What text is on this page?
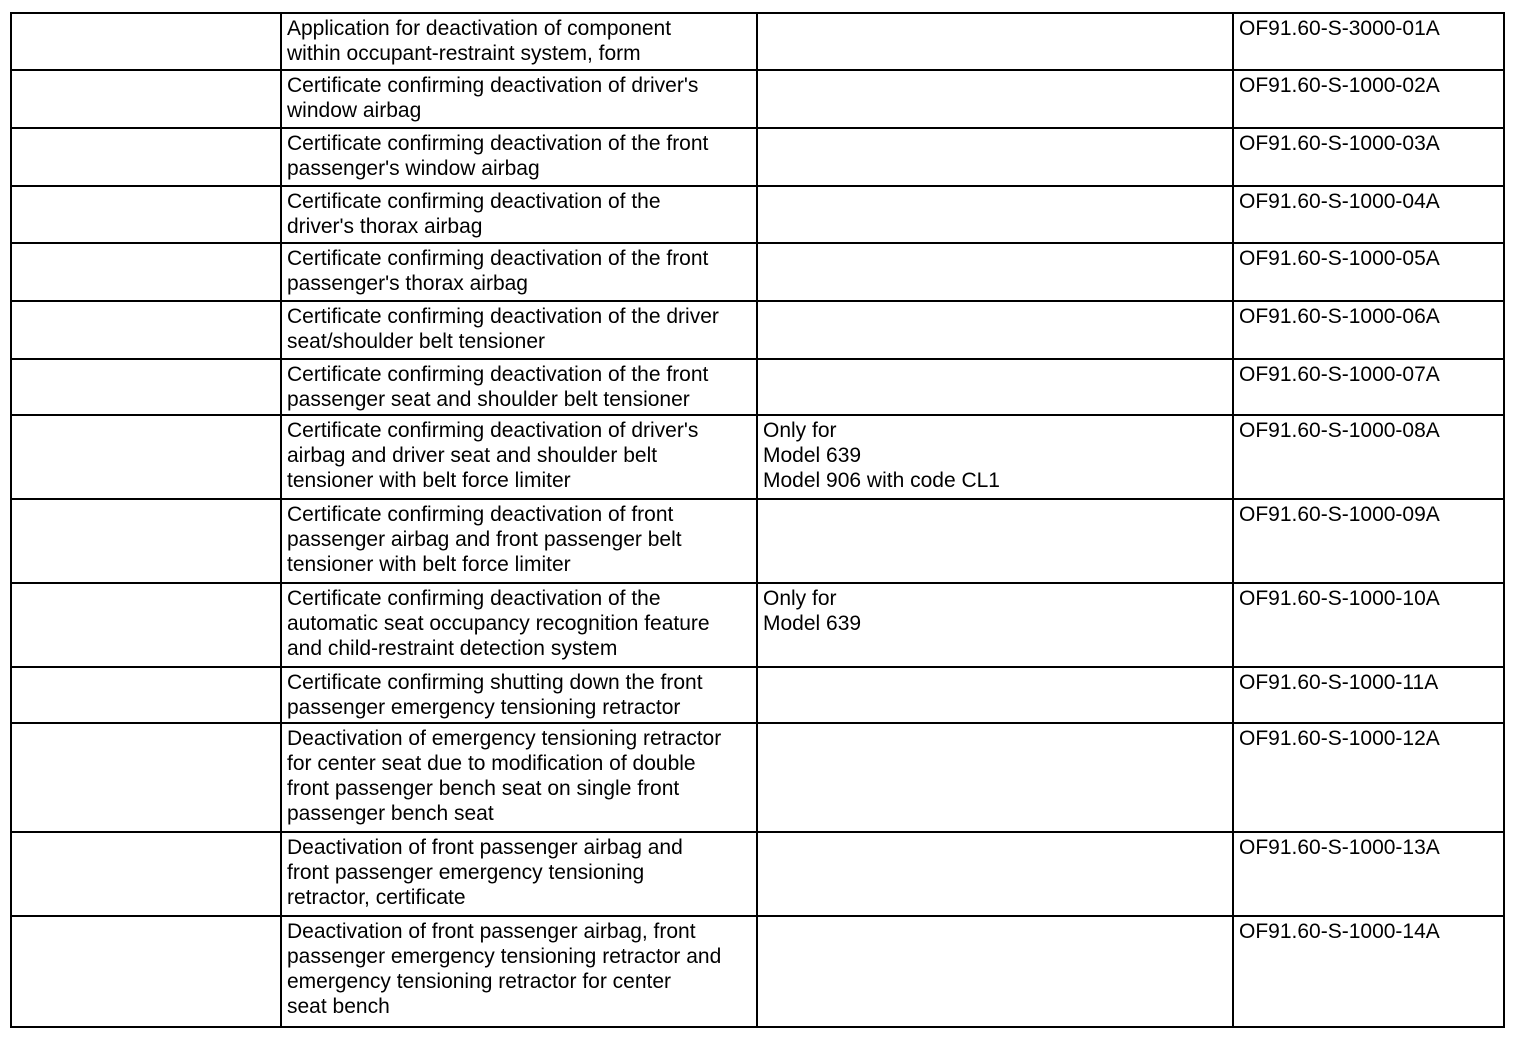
	Application for deactivation of component
within occupant-restraint system, form		OF91.60-S-3000-01A
	Certificate confirming deactivation of driver's
window airbag		OF91.60-S-1000-02A
	Certificate confirming deactivation of the front
passenger's window airbag		OF91.60-S-1000-03A
	Certificate confirming deactivation of the
driver's thorax airbag		OF91.60-S-1000-04A
	Certificate confirming deactivation of the front
passenger's thorax airbag		OF91.60-S-1000-05A
	Certificate confirming deactivation of the driver
seat/shoulder belt tensioner		OF91.60-S-1000-06A
	Certificate confirming deactivation of the front
passenger seat and shoulder belt tensioner		OF91.60-S-1000-07A
	Certificate confirming deactivation of driver's
airbag and driver seat and shoulder belt
tensioner with belt force limiter	Only for
Model 639
Model 906 with code CL1	OF91.60-S-1000-08A
	Certificate confirming deactivation of front
passenger airbag and front passenger belt
tensioner with belt force limiter		OF91.60-S-1000-09A
	Certificate confirming deactivation of the
automatic seat occupancy recognition feature
and child-restraint detection system	Only for
Model 639	OF91.60-S-1000-10A
	Certificate confirming shutting down the front
passenger emergency tensioning retractor		OF91.60-S-1000-11A
	Deactivation of emergency tensioning retractor
for center seat due to modification of double
front passenger bench seat on single front
passenger bench seat		OF91.60-S-1000-12A
	Deactivation of front passenger airbag and
front passenger emergency tensioning
retractor, certificate		OF91.60-S-1000-13A
	Deactivation of front passenger airbag, front
passenger emergency tensioning retractor and
emergency tensioning retractor for center
seat bench		OF91.60-S-1000-14A
